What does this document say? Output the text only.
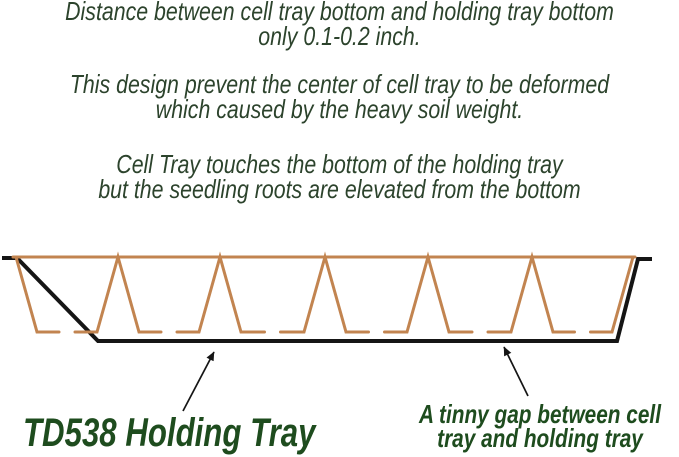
Distance between cell tray bottom and holding tray bottom
only 0.1-0.2 inch.
This design prevent the center of cell tray to be deformed
which caused by the heavy soil weight.
Cell Tray touches the bottom of the holding tray
but the seedling roots are elevated from the bottom
TD538 Holding Tray	A tinny gap between cell
tray and holding tray
